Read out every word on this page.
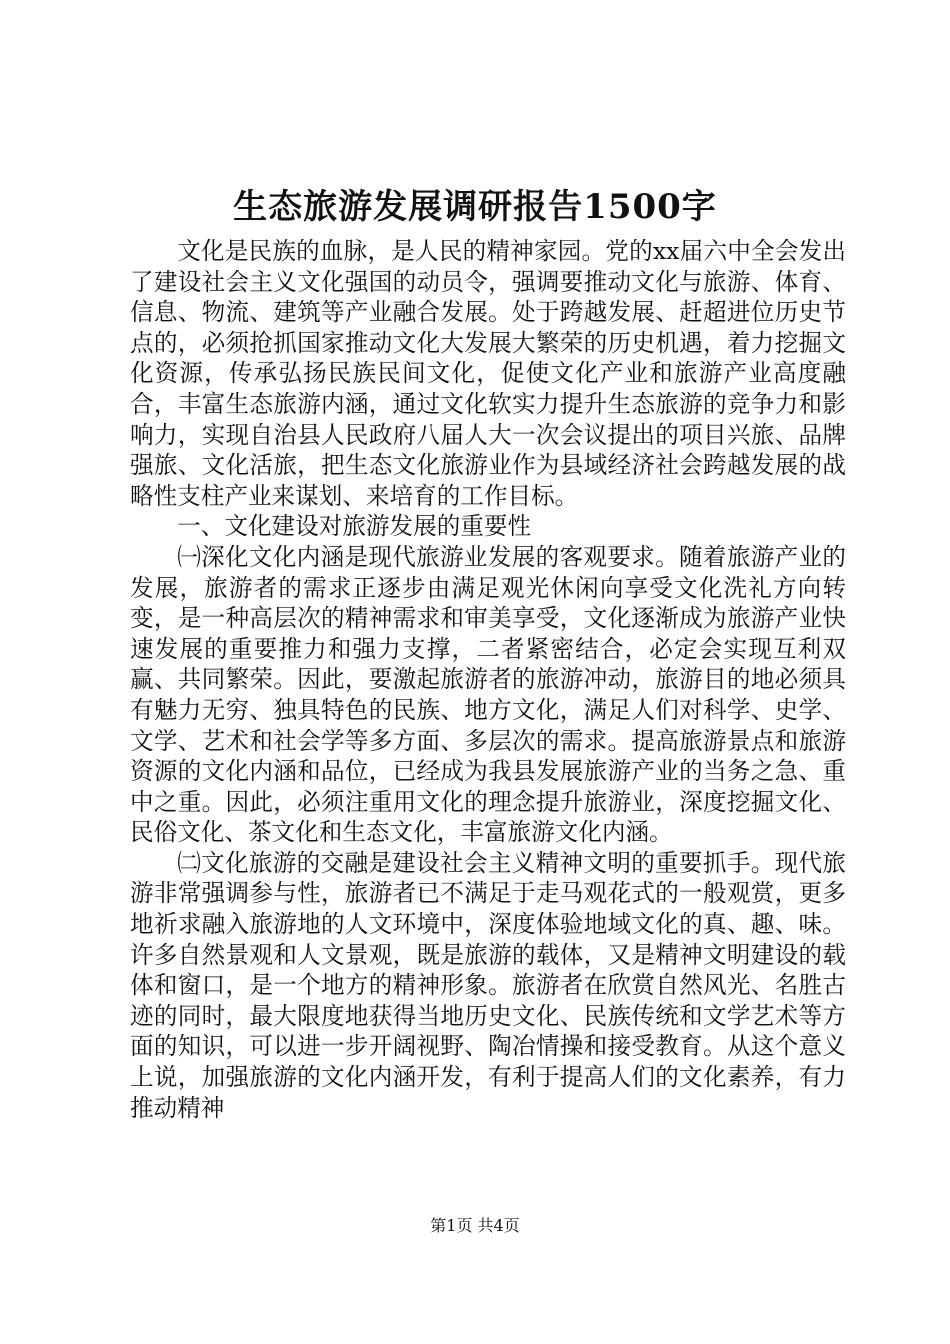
生态旅游发展调研报告1500字

文化是民族的血脉，是人民的精神家园。党的xx届六中全会发出了建设社会主义文化强国的动员令，强调要推动文化与旅游、体育、信息、物流、建筑等产业融合发展。处于跨越发展、赶超进位历史节点的，必须抢抓国家推动文化大发展大繁荣的历史机遇，着力挖掘文化资源，传承弘扬民族民间文化，促使文化产业和旅游产业高度融合，丰富生态旅游内涵，通过文化软实力提升生态旅游的竞争力和影响力，实现自治县人民政府八届人大一次会议提出的项目兴旅、品牌强旅、文化活旅，把生态文化旅游业作为县域经济社会跨越发展的战略性支柱产业来谋划、来培育的工作目标。

一、文化建设对旅游发展的重要性

㈠深化文化内涵是现代旅游业发展的客观要求。随着旅游产业的发展，旅游者的需求正逐步由满足观光休闲向享受文化洗礼方向转变，是一种高层次的精神需求和审美享受，文化逐渐成为旅游产业快速发展的重要推力和强力支撑，二者紧密结合，必定会实现互利双赢、共同繁荣。因此，要激起旅游者的旅游冲动，旅游目的地必须具有魅力无穷、独具特色的民族、地方文化，满足人们对科学、史学、文学、艺术和社会学等多方面、多层次的需求。提高旅游景点和旅游资源的文化内涵和品位，已经成为我县发展旅游产业的当务之急、重中之重。因此，必须注重用文化的理念提升旅游业，深度挖掘文化、民俗文化、茶文化和生态文化，丰富旅游文化内涵。

㈡文化旅游的交融是建设社会主义精神文明的重要抓手。现代旅游非常强调参与性，旅游者已不满足于走马观花式的一般观赏，更多地祈求融入旅游地的人文环境中，深度体验地域文化的真、趣、味。许多自然景观和人文景观，既是旅游的载体，又是精神文明建设的载体和窗口，是一个地方的精神形象。旅游者在欣赏自然风光、名胜古迹的同时，最大限度地获得当地历史文化、民族传统和文学艺术等方面的知识，可以进一步开阔视野、陶冶情操和接受教育。从这个意义上说，加强旅游的文化内涵开发，有利于提高人们的文化素养，有力推动精神

第1页 共4页
